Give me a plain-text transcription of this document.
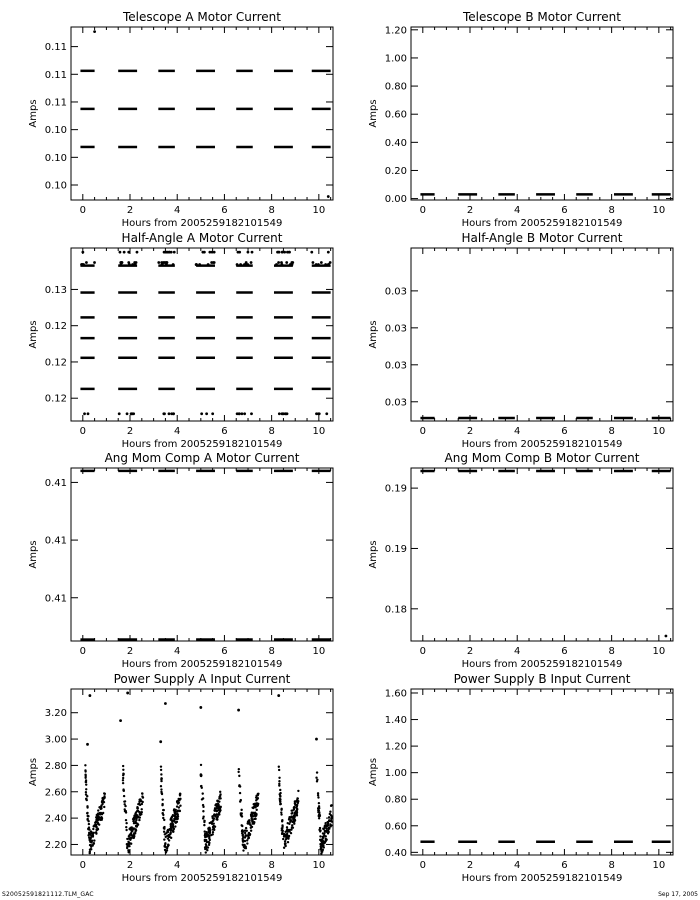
Telescope A Motor Current
0	2	4	6	8	10
0.10
0.10
0.10
0.11
0.11
0.11
Hours from 2005259182101549
Amps
Telescope B Motor Current
0	2	4	6	8	10
0.00
0.20
0.40
0.60
0.80
1.00
1.20
Hours from 2005259182101549
Amps
Half-Angle A Motor Current
0	2	4	6	8	10
0.12
0.12
0.12
0.13
Hours from 2005259182101549
Amps
Half-Angle B Motor Current
0	2	4	6	8	10
0.03
0.03
0.03
0.03
Hours from 2005259182101549
Amps
Ang Mom Comp A Motor Current
0	2	4	6	8	10
0.41
0.41
0.41
Hours from 2005259182101549
Amps
Ang Mom Comp B Motor Current
0	2	4	6	8	10
0.18
0.19
0.19
Hours from 2005259182101549
Amps
Power Supply A Input Current
0	2	4	6	8	10
2.20
2.40
2.60
2.80
3.00
3.20
Hours from 2005259182101549
Amps
Power Supply B Input Current
0	2	4	6	8	10
0.40
0.60
0.80
1.00
1.20
1.40
1.60
Hours from 2005259182101549
Amps
S20052591821112.TLM_GAC	Sep 17, 2005
